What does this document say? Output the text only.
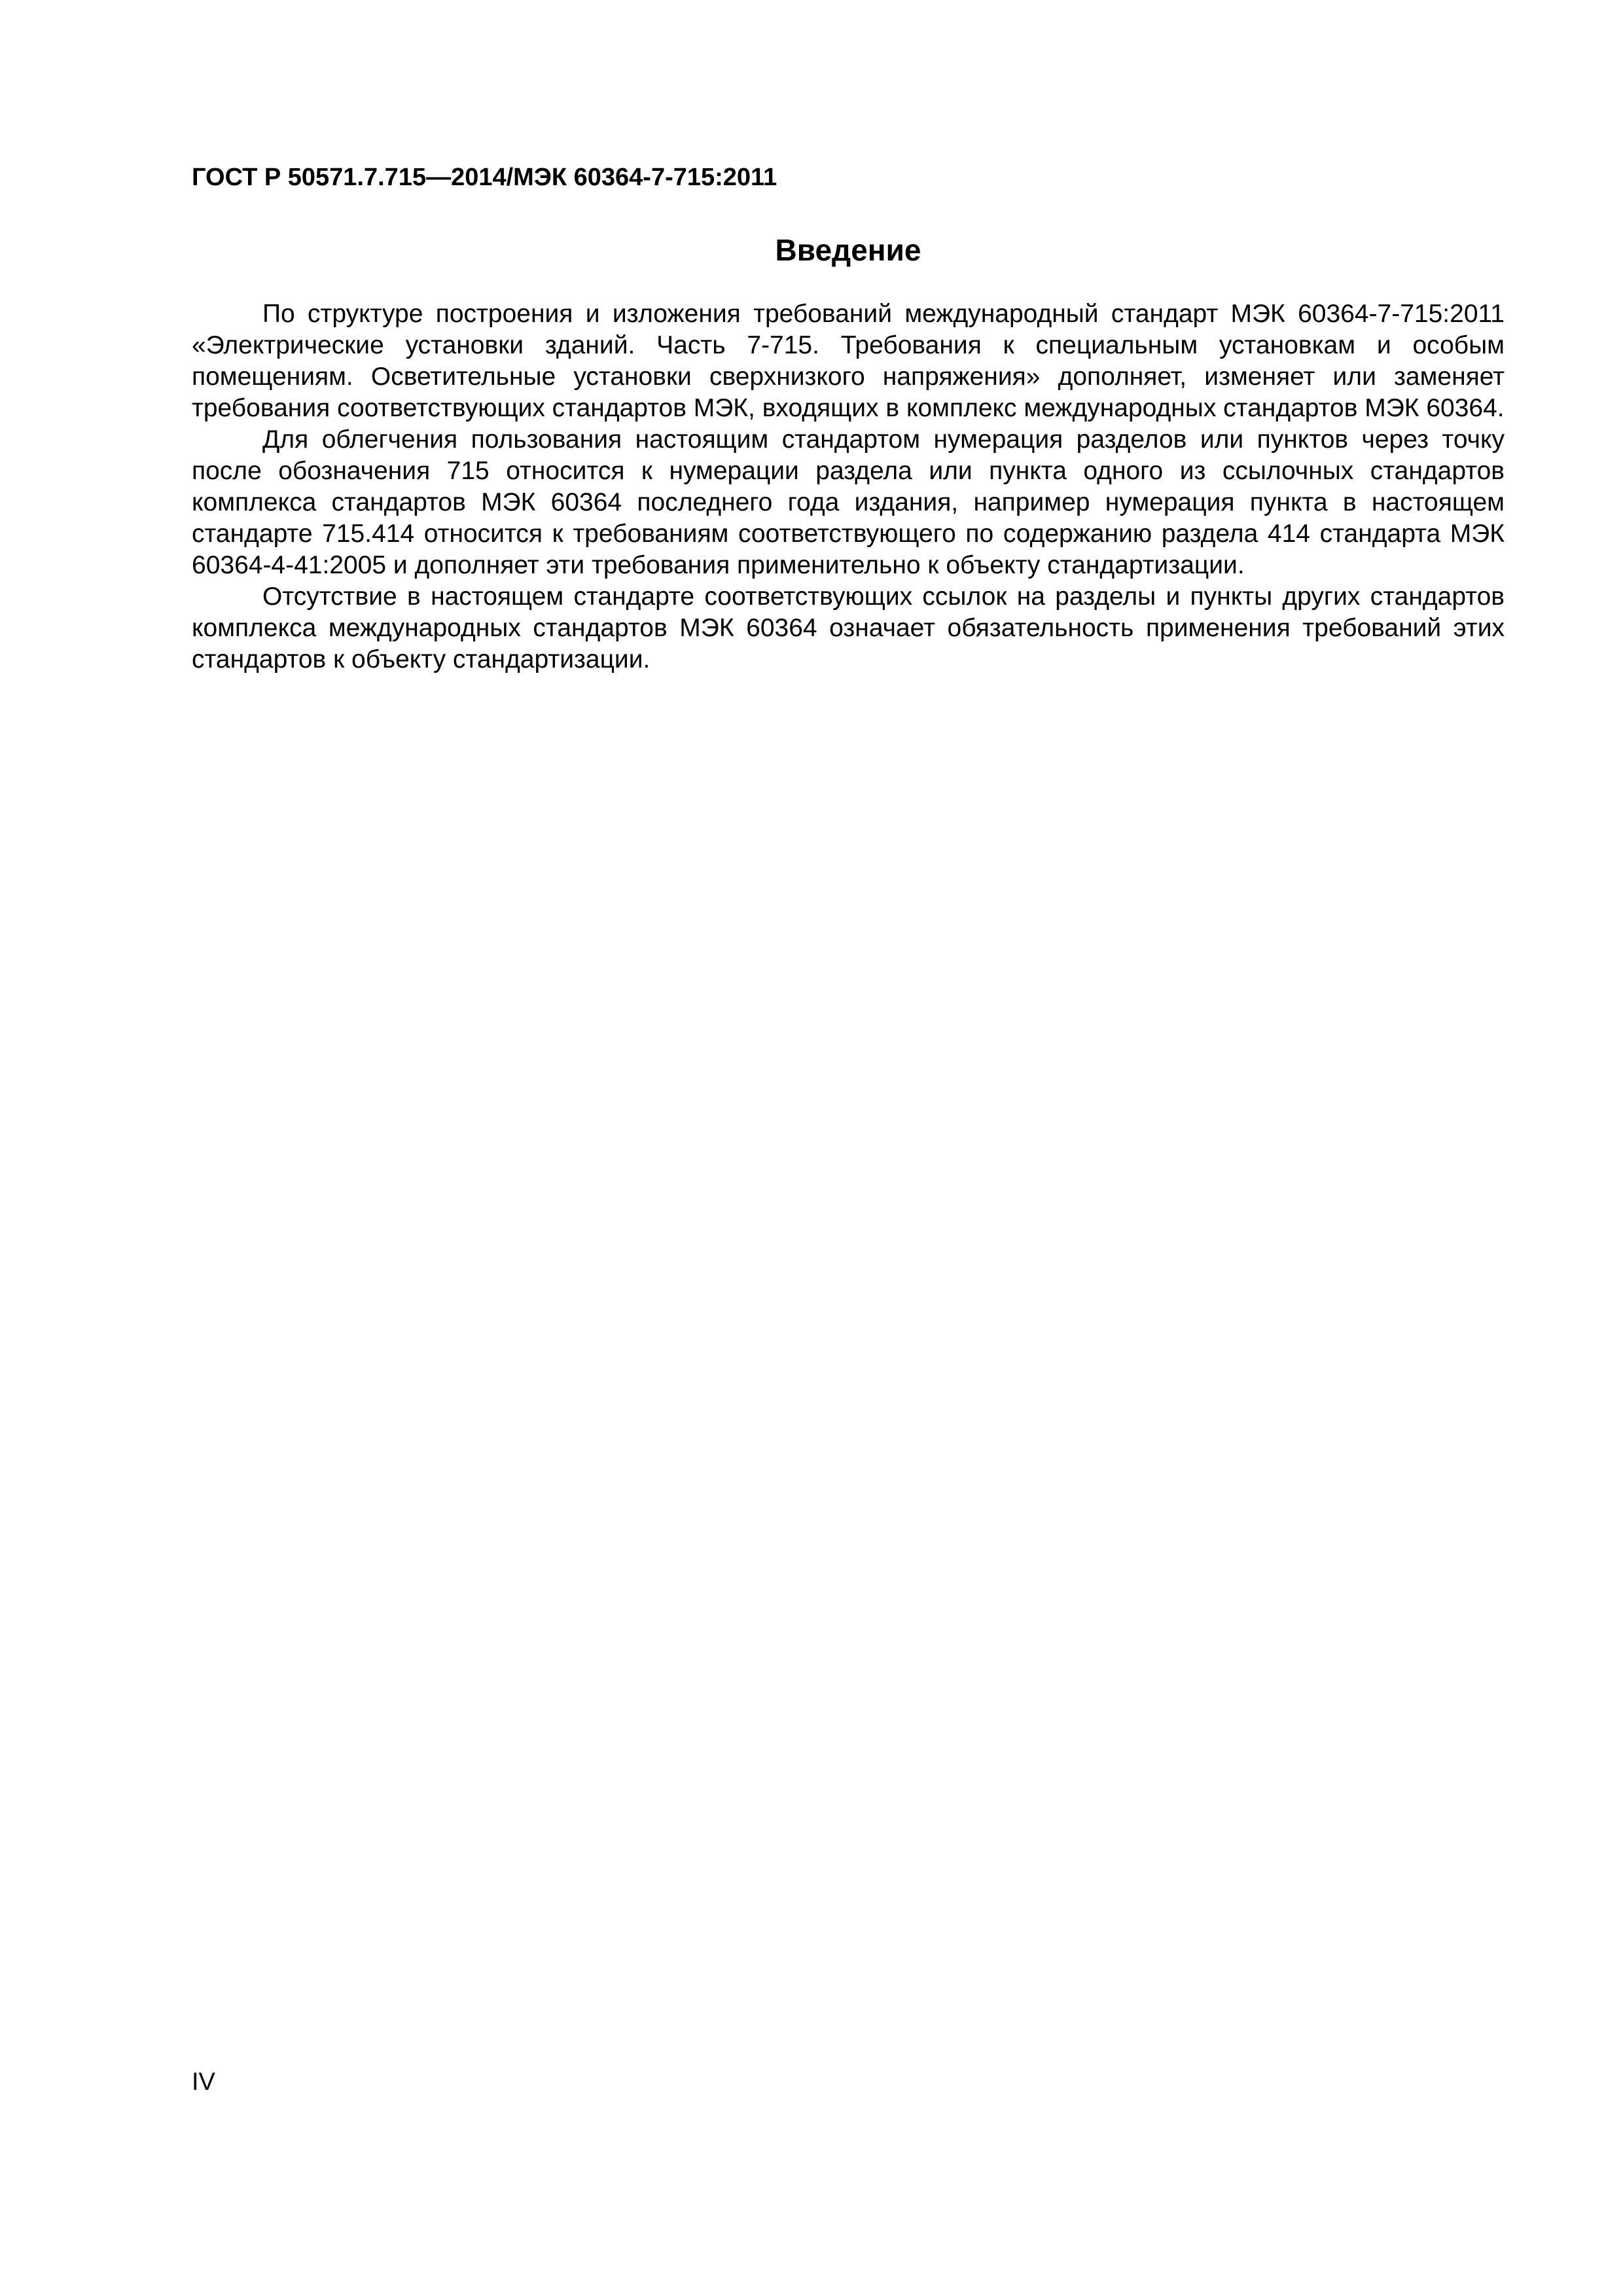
ГОСТ Р 50571.7.715—2014/МЭК 60364-7-715:2011
Введение

По структуре построения и изложения требований международный стандарт МЭК 60364-7-715:2011 «Электрические установки зданий. Часть 7-715. Требования к специальным установкам и особым помещениям. Осветительные установки сверхнизкого напряжения» дополняет, изменяет или заменяет требования соответствующих стандартов МЭК, входящих в комплекс международных стандартов МЭК 60364.

Для облегчения пользования настоящим стандартом нумерация разделов или пунктов через точку после обозначения 715 относится к нумерации раздела или пункта одного из ссылочных стандартов комплекса стандартов МЭК 60364 последнего года издания, например нумерация пункта в настоящем стандарте 715.414 относится к требованиям соответствующего по содержанию раздела 414 стандарта МЭК 60364-4-41:2005 и дополняет эти требования применительно к объекту стандартизации.

Отсутствие в настоящем стандарте соответствующих ссылок на разделы и пункты других стандартов комплекса международных стандартов МЭК 60364 означает обязательность применения требований этих стандартов к объекту стандартизации.

IV
